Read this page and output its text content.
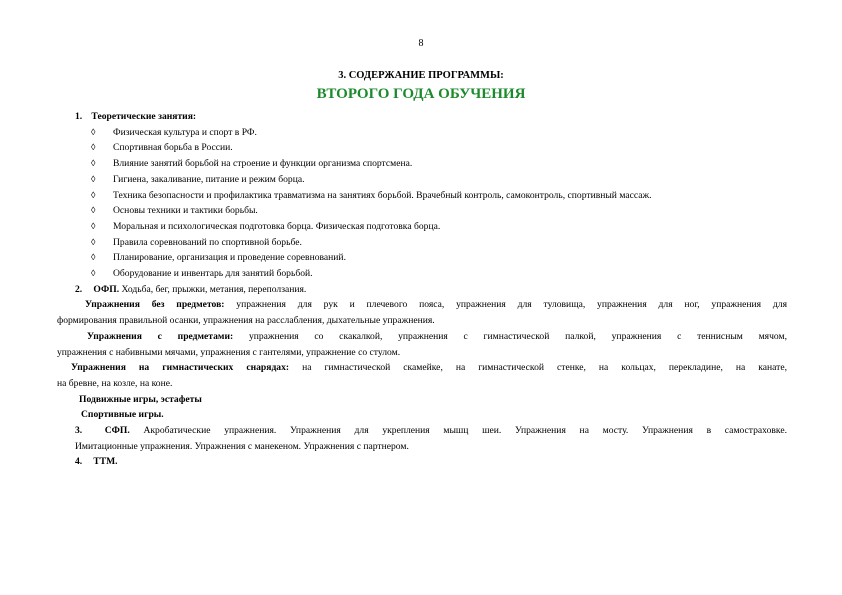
8
3. СОДЕРЖАНИЕ ПРОГРАММЫ:
ВТОРОГО ГОДА ОБУЧЕНИЯ
1. Теоретические занятия:
◊ Физическая культура и спорт в РФ.
◊ Спортивная борьба в России.
◊ Влияние занятий борьбой на строение и функции организма спортсмена.
◊ Гигиена, закаливание, питание и режим борца.
◊ Техника безопасности и профилактика травматизма на занятиях борьбой. Врачебный контроль, самоконтроль, спортивный массаж.
◊ Основы техники и тактики борьбы.
◊ Моральная и психологическая подготовка борца. Физическая подготовка борца.
◊ Правила соревнований по спортивной борьбе.
◊ Планирование, организация и проведение соревнований.
◊ Оборудование и инвентарь для занятий борьбой.
2. ОФП. Ходьба, бег, прыжки, метания, переползания.
Упражнения без предметов: упражнения для рук и плечевого пояса, упражнения для туловища, упражнения для ног, упражнения для
формирования правильной осанки, упражнения на расслабления, дыхательные упражнения.
Упражнения с предметами: упражнения со скакалкой, упражнения с гимнастической палкой, упражнения с теннисным мячом,
упражнения с набивными мячами, упражнения с гантелями, упражнение со стулом.
Упражнения на гимнастических снарядах: на гимнастической скамейке, на гимнастической стенке, на кольцах, перекладине, на канате,
на бревне, на козле, на коне.
Подвижные игры, эстафеты
Спортивные игры.
3. СФП. Акробатические упражнения. Упражнения для укрепления мышц шеи. Упражнения на мосту. Упражнения в самостраховке.
Имитационные упражнения. Упражнения с манекеном. Упражнения с партнером.
4. ТТМ.
